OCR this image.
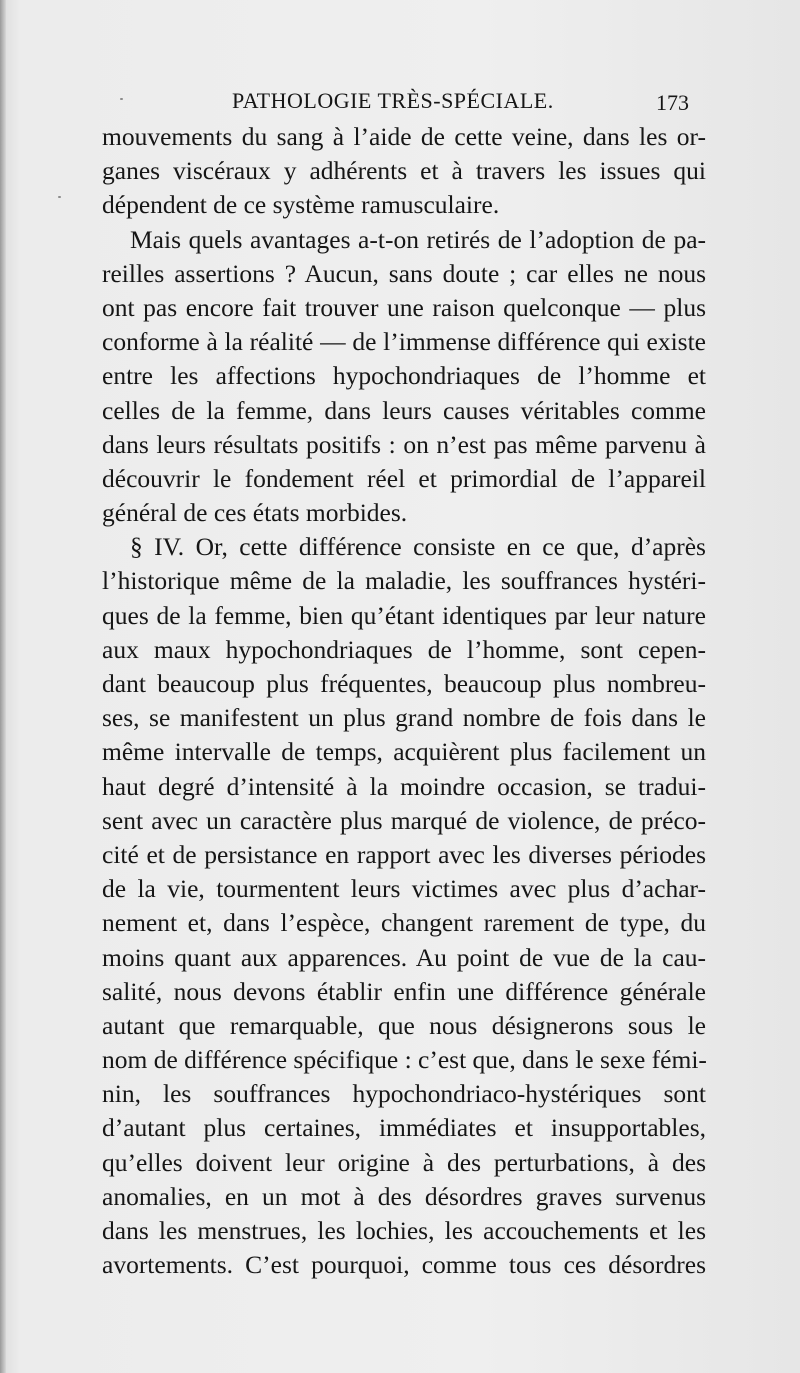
PATHOLOGIE TRÈS-SPÉCIALE.	173
mouvements du sang à l’aide de cette veine, dans les or-
ganes viscéraux y adhérents et à travers les issues qui
dépendent de ce système ramusculaire.
Mais quels avantages a-t-on retirés de l’adoption de pa-
reilles assertions ? Aucun, sans doute ; car elles ne nous
ont pas encore fait trouver une raison quelconque — plus
conforme à la réalité — de l’immense différence qui existe
entre les affections hypochondriaques de l’homme et
celles de la femme, dans leurs causes véritables comme
dans leurs résultats positifs : on n’est pas même parvenu à
découvrir le fondement réel et primordial de l’appareil
général de ces états morbides.
§ IV. Or, cette différence consiste en ce que, d’après
l’historique même de la maladie, les souffrances hystéri-
ques de la femme, bien qu’étant identiques par leur nature
aux maux hypochondriaques de l’homme, sont cepen-
dant beaucoup plus fréquentes, beaucoup plus nombreu-
ses, se manifestent un plus grand nombre de fois dans le
même intervalle de temps, acquièrent plus facilement un
haut degré d’intensité à la moindre occasion, se tradui-
sent avec un caractère plus marqué de violence, de préco-
cité et de persistance en rapport avec les diverses périodes
de la vie, tourmentent leurs victimes avec plus d’achar-
nement et, dans l’espèce, changent rarement de type, du
moins quant aux apparences. Au point de vue de la cau-
salité, nous devons établir enfin une différence générale
autant que remarquable, que nous désignerons sous le
nom de différence spécifique : c’est que, dans le sexe fémi-
nin, les souffrances hypochondriaco-hystériques sont
d’autant plus certaines, immédiates et insupportables,
qu’elles doivent leur origine à des perturbations, à des
anomalies, en un mot à des désordres graves survenus
dans les menstrues, les lochies, les accouchements et les
avortements. C’est pourquoi, comme tous ces désordres
